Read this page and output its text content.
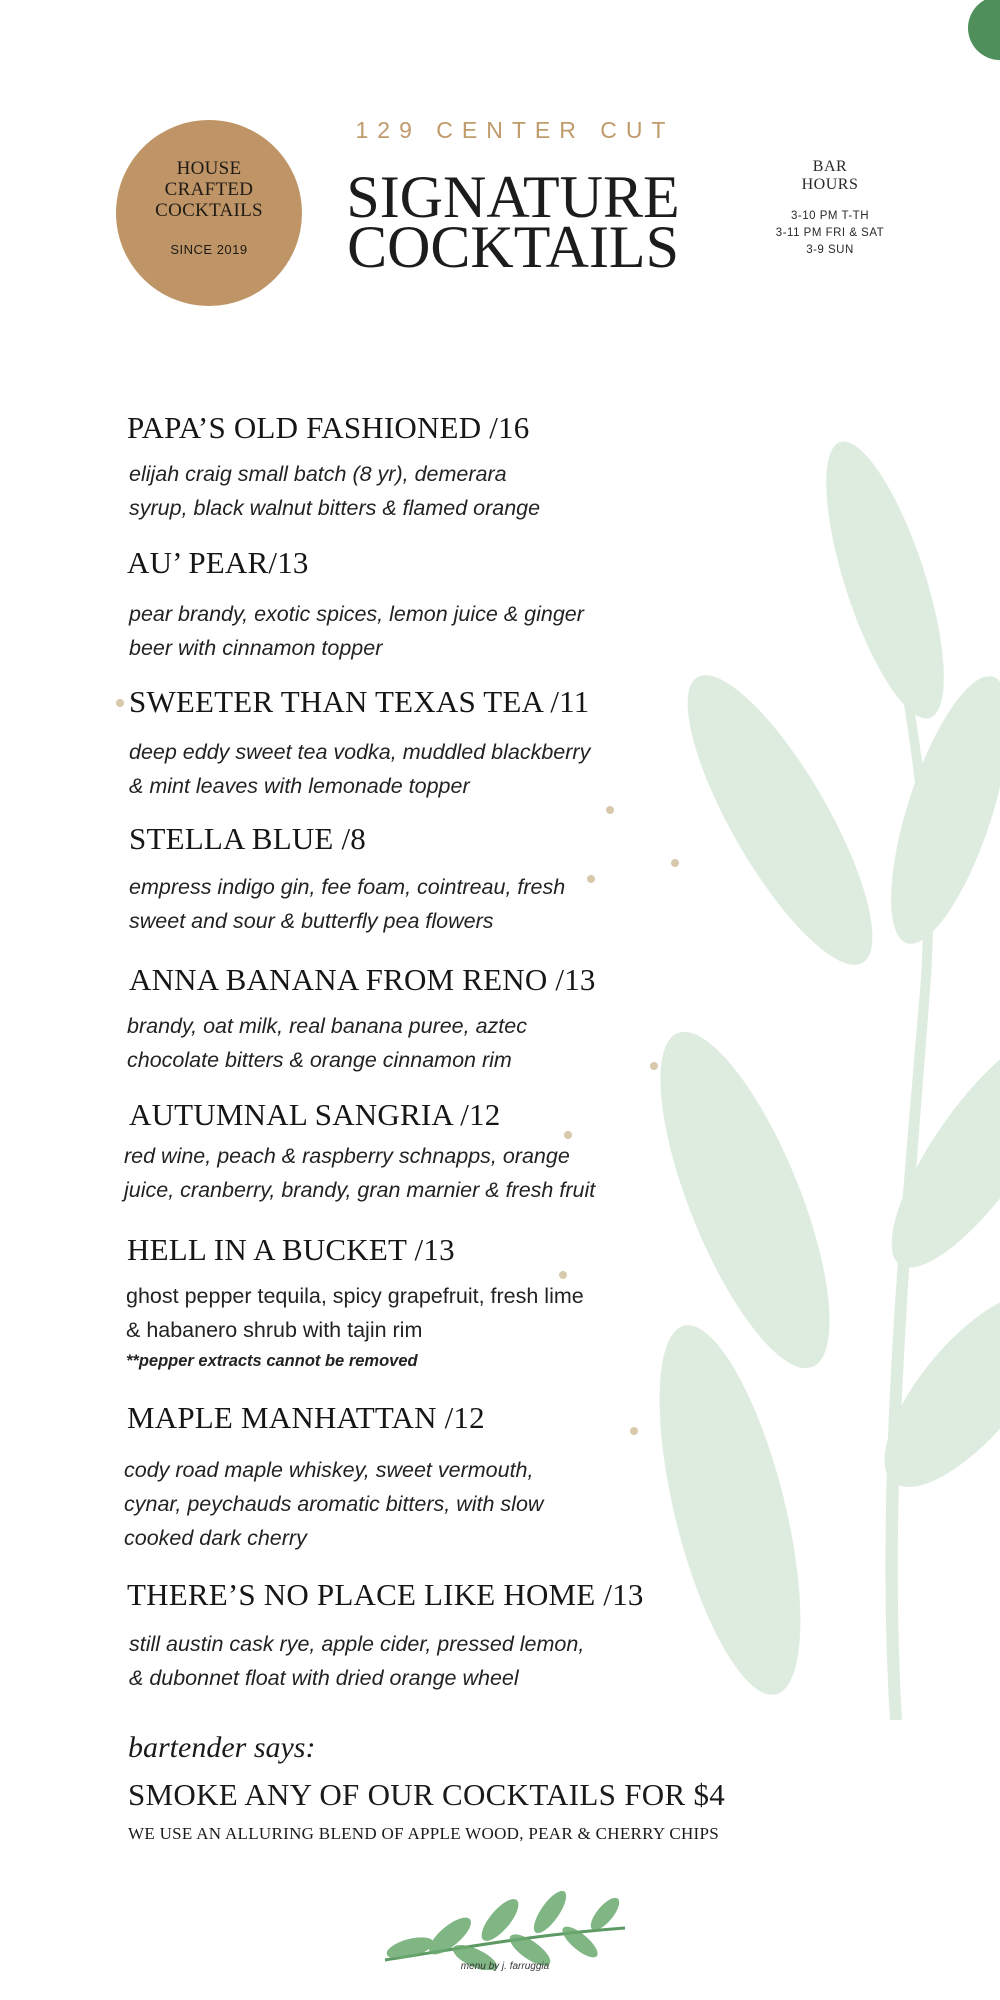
HOUSE
CRAFTED
COCKTAILS
SINCE 2019
129 CENTER CUT
SIGNATURE
COCKTAILS
BAR
HOURS
3-10 PM T-TH
3-11 PM FRI & SAT
3-9 SUN
PAPA’S OLD FASHIONED /16
elijah craig small batch (8 yr), demerara
syrup, black walnut bitters & flamed orange
AU’ PEAR/13
pear brandy, exotic spices, lemon juice & ginger
beer with cinnamon topper
SWEETER THAN TEXAS TEA /11
deep eddy sweet tea vodka, muddled blackberry
& mint leaves with lemonade topper
STELLA BLUE /8
empress indigo gin, fee foam, cointreau, fresh
sweet and sour & butterfly pea flowers
ANNA BANANA FROM RENO /13
brandy, oat milk, real banana puree, aztec
chocolate bitters & orange cinnamon rim
AUTUMNAL SANGRIA /12
red wine, peach & raspberry schnapps, orange
juice, cranberry, brandy, gran marnier & fresh fruit
HELL IN A BUCKET /13
ghost pepper tequila, spicy grapefruit, fresh lime
& habanero shrub with tajin rim
**pepper extracts cannot be removed
MAPLE MANHATTAN /12
cody road maple whiskey, sweet vermouth,
cynar, peychauds aromatic bitters, with slow
cooked dark cherry
THERE’S NO PLACE LIKE HOME /13
still austin cask rye, apple cider, pressed lemon,
& dubonnet float with dried orange wheel
bartender says:
SMOKE ANY OF OUR COCKTAILS FOR $4
WE USE AN ALLURING BLEND OF APPLE WOOD, PEAR & CHERRY CHIPS
menu by j. farruggia
